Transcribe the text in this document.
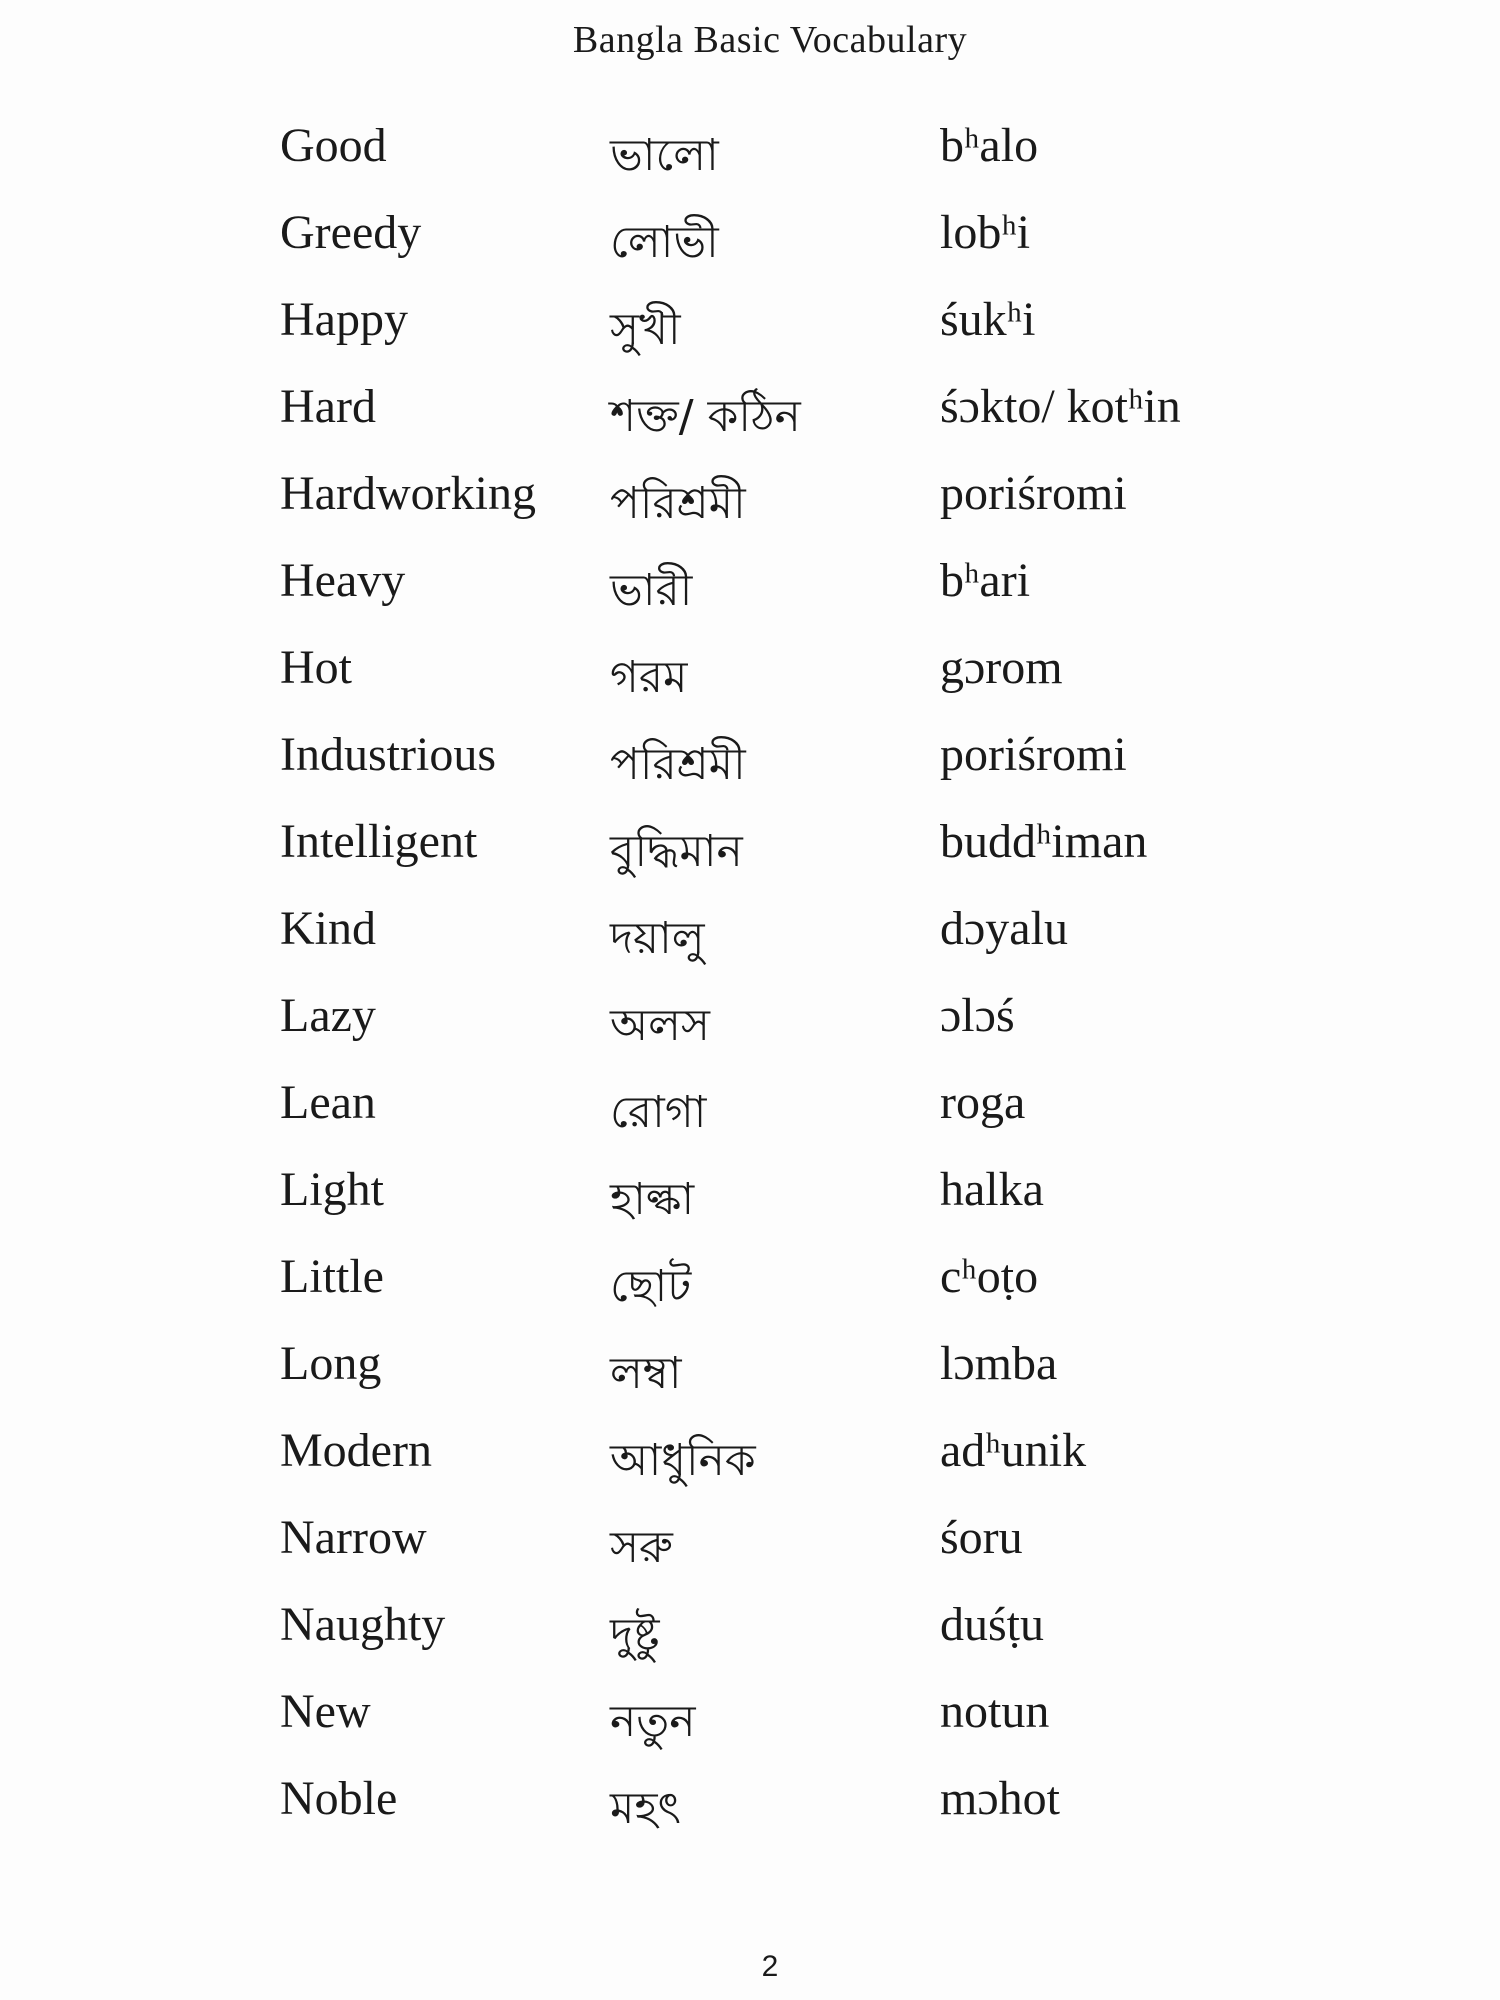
Bangla Basic Vocabulary
Good	ভালো	bʰalo
Greedy	লোভী	lobʰi
Happy	সুখী	śukʰi
Hard	শক্ত/ কঠিন	śɔkto/ kotʰin
Hardworking পরিশ্রমী	poriśromi
Heavy	ভারী	bʰari
Hot	গরম	gɔrom
Industrious	পরিশ্রমী	poriśromi
Intelligent	বুদ্ধিমান	buddʰiman
Kind	দয়ালু	dɔyalu
Lazy	অলস	ɔlɔś
Lean	রোগা	roga
Light	হাল্কা	halka
Little	ছোট	cʰoṭo
Long	লম্বা	lɔmba
Modern	আধুনিক	adʰunik
Narrow	সরু	śoru
Naughty	দুষ্টু	duśṭu
New	নতুন	notun
Noble	মহৎ	mɔhot
2
